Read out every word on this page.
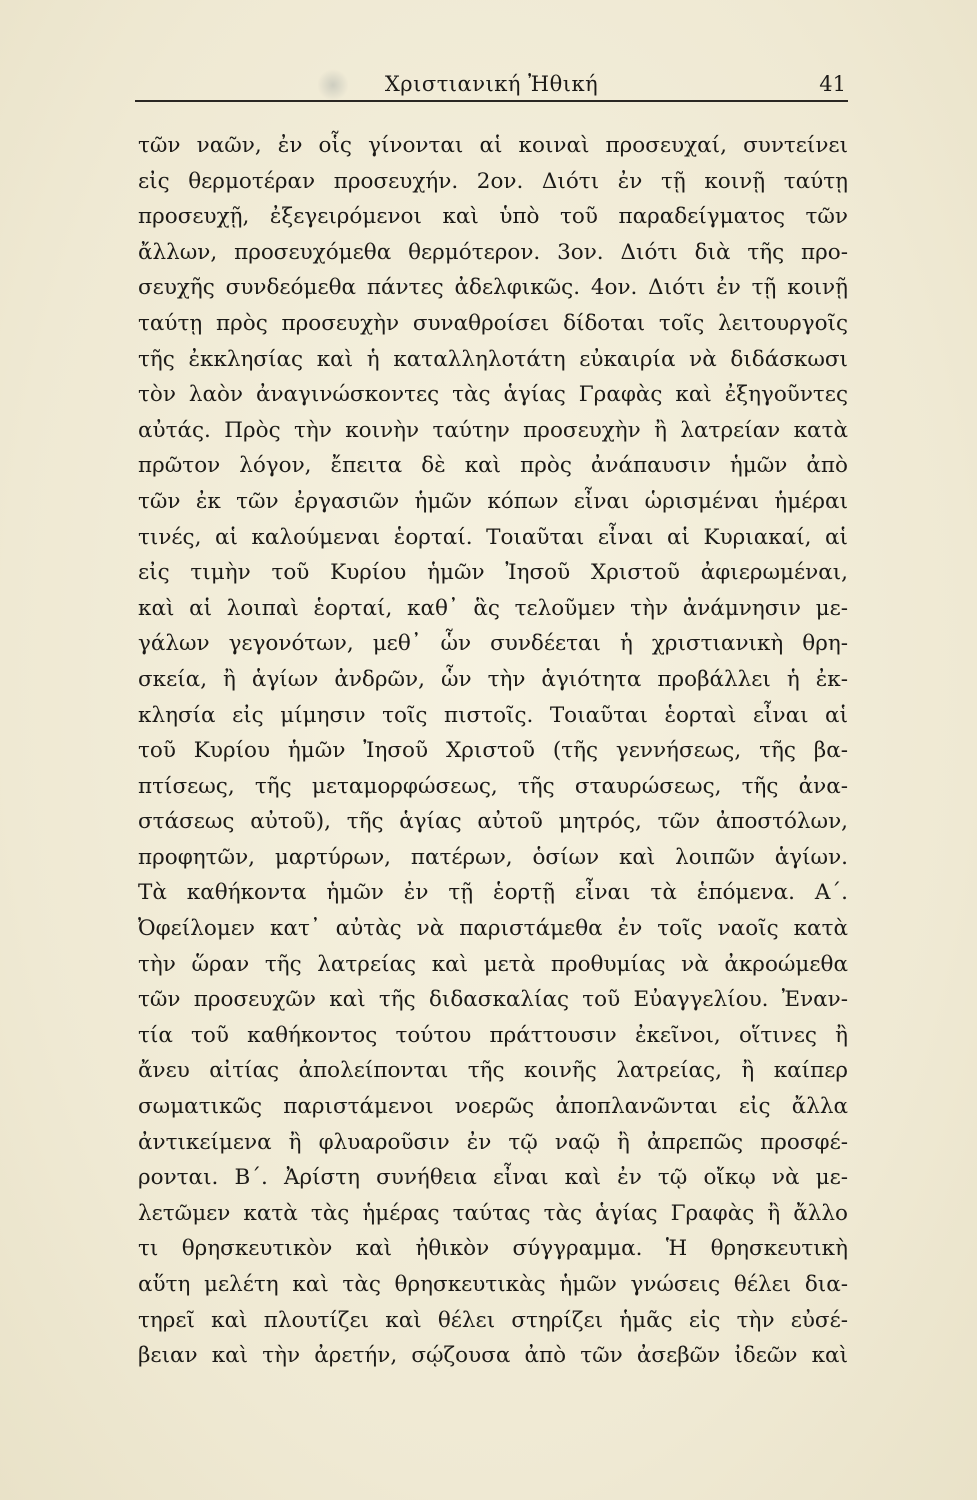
Χριστιανική Ἠθική	41
τῶν ναῶν, ἐν οἷς γίνονται αἱ κοιναὶ προσευχαί, συντείνει
εἰς θερμοτέραν προσευχήν. 2ον. Διότι ἐν τῇ κοινῇ ταύτῃ
προσευχῇ, ἐξεγειρόμενοι καὶ ὑπὸ τοῦ παραδείγματος τῶν
ἄλλων, προσευχόμεθα θερμότερον. 3ον. Διότι διὰ τῆς προ-
σευχῆς συνδεόμεθα πάντες ἀδελφικῶς. 4ον. Διότι ἐν τῇ κοινῇ
ταύτῃ πρὸς προσευχὴν συναθροίσει δίδοται τοῖς λειτουργοῖς
τῆς ἐκκλησίας καὶ ἡ καταλληλοτάτη εὐκαιρία νὰ διδάσκωσι
τὸν λαὸν ἀναγινώσκοντες τὰς ἁγίας Γραφὰς καὶ ἐξηγοῦντες
αὐτάς. Πρὸς τὴν κοινὴν ταύτην προσευχὴν ἢ λατρείαν κατὰ
πρῶτον λόγον, ἔπειτα δὲ καὶ πρὸς ἀνάπαυσιν ἡμῶν ἀπὸ
τῶν ἐκ τῶν ἐργασιῶν ἡμῶν κόπων εἶναι ὡρισμέναι ἡμέραι
τινές, αἱ καλούμεναι ἑορταί. Τοιαῦται εἶναι αἱ Κυριακαί, αἱ
εἰς τιμὴν τοῦ Κυρίου ἡμῶν Ἰησοῦ Χριστοῦ ἀφιερωμέναι,
καὶ αἱ λοιπαὶ ἑορταί, καθ᾽ ἃς τελοῦμεν τὴν ἀνάμνησιν με-
γάλων γεγονότων, μεθ᾽ ὧν συνδέεται ἡ χριστιανικὴ θρη-
σκεία, ἢ ἁγίων ἀνδρῶν, ὧν τὴν ἁγιότητα προβάλλει ἡ ἐκ-
κλησία εἰς μίμησιν τοῖς πιστοῖς. Τοιαῦται ἑορταὶ εἶναι αἱ
τοῦ Κυρίου ἡμῶν Ἰησοῦ Χριστοῦ (τῆς γεννήσεως, τῆς βα-
πτίσεως, τῆς μεταμορφώσεως, τῆς σταυρώσεως, τῆς ἀνα-
στάσεως αὐτοῦ), τῆς ἁγίας αὐτοῦ μητρός, τῶν ἀποστόλων,
προφητῶν, μαρτύρων, πατέρων, ὁσίων καὶ λοιπῶν ἁγίων.
Τὰ καθήκοντα ἡμῶν ἐν τῇ ἑορτῇ εἶναι τὰ ἑπόμενα. Α΄.
Ὀφείλομεν κατ᾽ αὐτὰς νὰ παριστάμεθα ἐν τοῖς ναοῖς κατὰ
τὴν ὥραν τῆς λατρείας καὶ μετὰ προθυμίας νὰ ἀκροώμεθα
τῶν προσευχῶν καὶ τῆς διδασκαλίας τοῦ Εὐαγγελίου. Ἐναν-
τία τοῦ καθήκοντος τούτου πράττουσιν ἐκεῖνοι, οἵτινες ἢ
ἄνευ αἰτίας ἀπολείπονται τῆς κοινῆς λατρείας, ἢ καίπερ
σωματικῶς παριστάμενοι νοερῶς ἀποπλανῶνται εἰς ἄλλα
ἀντικείμενα ἢ φλυαροῦσιν ἐν τῷ ναῷ ἢ ἀπρεπῶς προσφέ-
ρονται. Β΄. Ἀρίστη συνήθεια εἶναι καὶ ἐν τῷ οἴκῳ νὰ με-
λετῶμεν κατὰ τὰς ἡμέρας ταύτας τὰς ἁγίας Γραφὰς ἢ ἄλλο
τι θρησκευτικὸν καὶ ἠθικὸν σύγγραμμα. Ἡ θρησκευτικὴ
αὕτη μελέτη καὶ τὰς θρησκευτικὰς ἡμῶν γνώσεις θέλει δια-
τηρεῖ καὶ πλουτίζει καὶ θέλει στηρίζει ἡμᾶς εἰς τὴν εὐσέ-
βειαν καὶ τὴν ἀρετήν, σῴζουσα ἀπὸ τῶν ἀσεβῶν ἰδεῶν καὶ
